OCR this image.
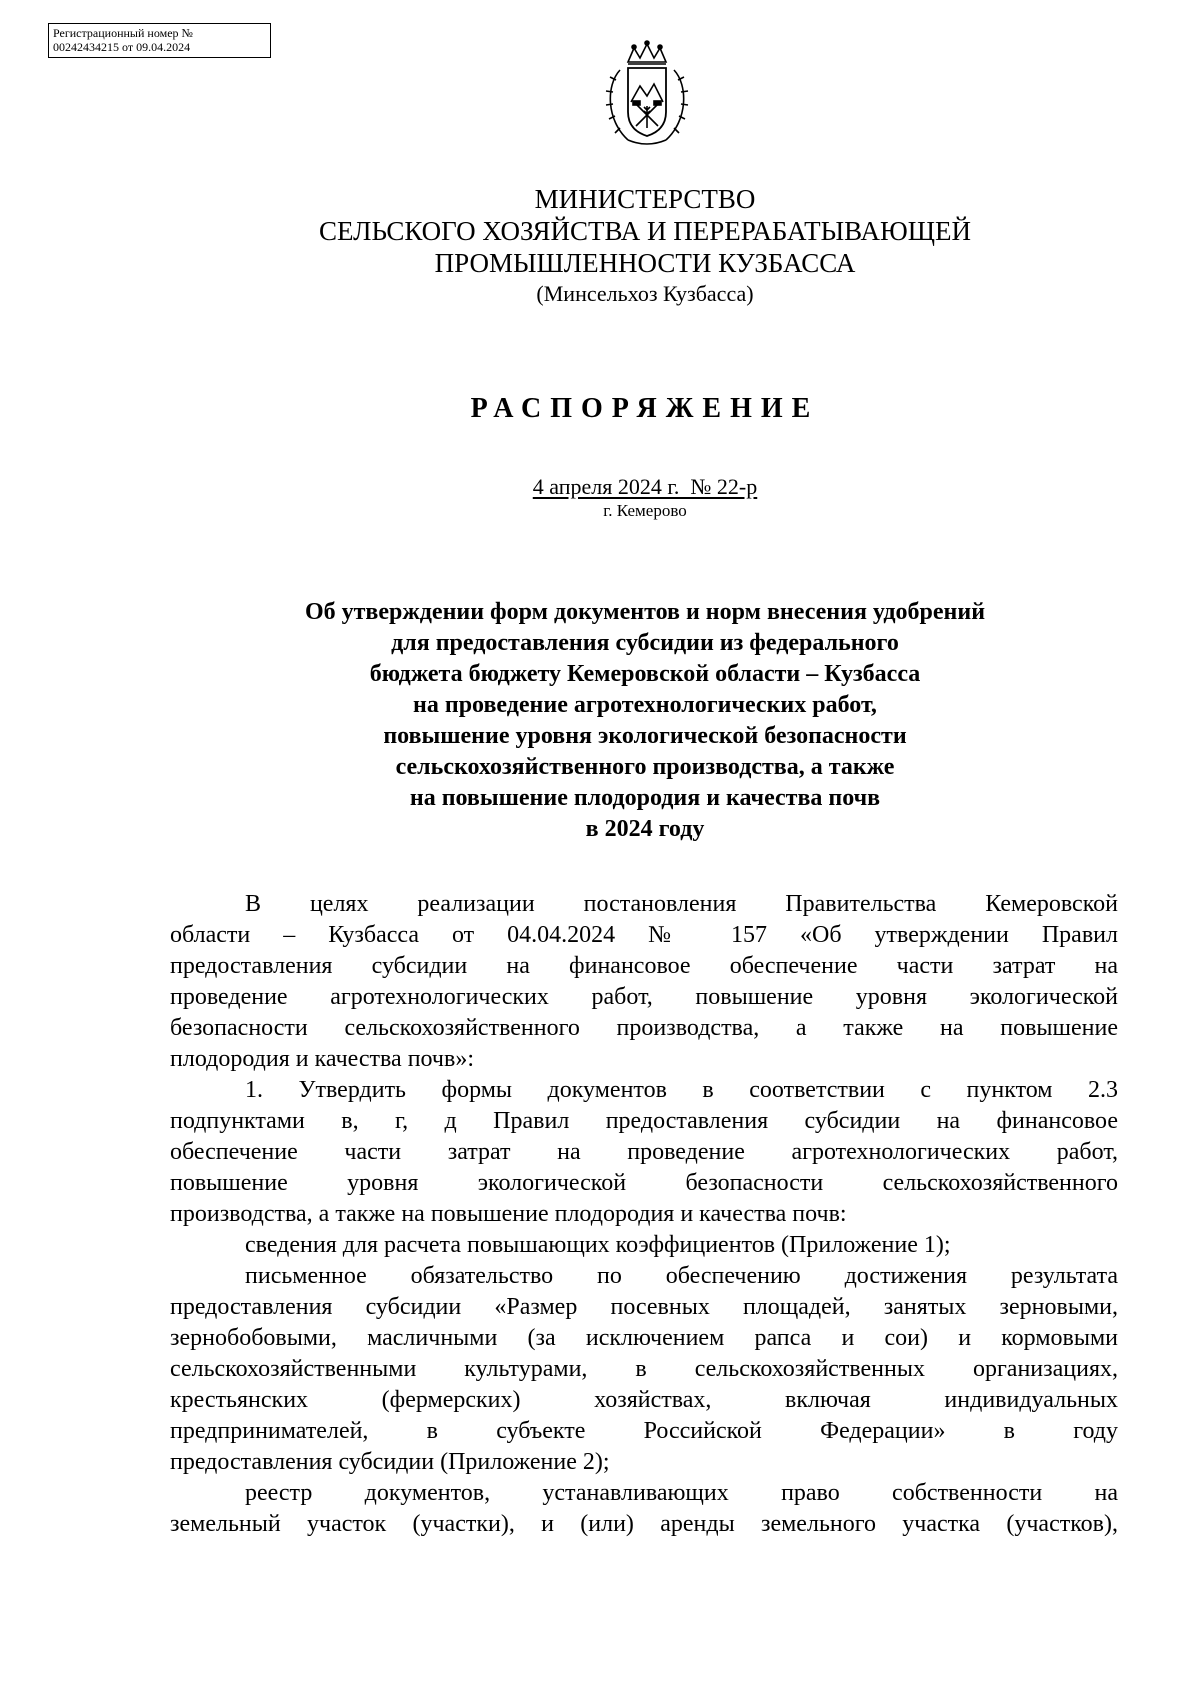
Регистрационный номер №
00242434215 от 09.04.2024
МИНИСТЕРСТВО
СЕЛЬСКОГО ХОЗЯЙСТВА И ПЕРЕРАБАТЫВАЮЩЕЙ
ПРОМЫШЛЕННОСТИ КУЗБАССА
(Минсельхоз Кузбасса)
РАСПОРЯЖЕНИЕ
4 апреля 2024 г.  № 22-р
г. Кемерово
Об утверждении форм документов и норм внесения удобрений
для предоставления субсидии из федерального
бюджета бюджету Кемеровской области – Кузбасса
на проведение агротехнологических работ,
повышение уровня экологической безопасности
сельскохозяйственного производства, а также
на повышение плодородия и качества почв
в 2024 году

В целях реализации постановления Правительства Кемеровской
области – Кузбасса от 04.04.2024 № 157 «Об утверждении Правил
предоставления субсидии на финансовое обеспечение части затрат на
проведение агротехнологических работ, повышение уровня экологической
безопасности сельскохозяйственного производства, а также на повышение
плодородия и качества почв»:

1. Утвердить формы документов в соответствии с пунктом 2.3
подпунктами в, г, д Правил предоставления субсидии на финансовое
обеспечение части затрат на проведение агротехнологических работ,
повышение уровня экологической безопасности сельскохозяйственного
производства, а также на повышение плодородия и качества почв:

сведения для расчета повышающих коэффициентов (Приложение 1);

письменное обязательство по обеспечению достижения результата
предоставления субсидии «Размер посевных площадей, занятых зерновыми,
зернобобовыми, масличными (за исключением рапса и сои) и кормовыми
сельскохозяйственными культурами, в сельскохозяйственных организациях,
крестьянских (фермерских) хозяйствах, включая индивидуальных
предпринимателей, в субъекте Российской Федерации» в году
предоставления субсидии (Приложение 2);

реестр документов, устанавливающих право собственности на
земельный участок (участки), и (или) аренды земельного участка (участков),
